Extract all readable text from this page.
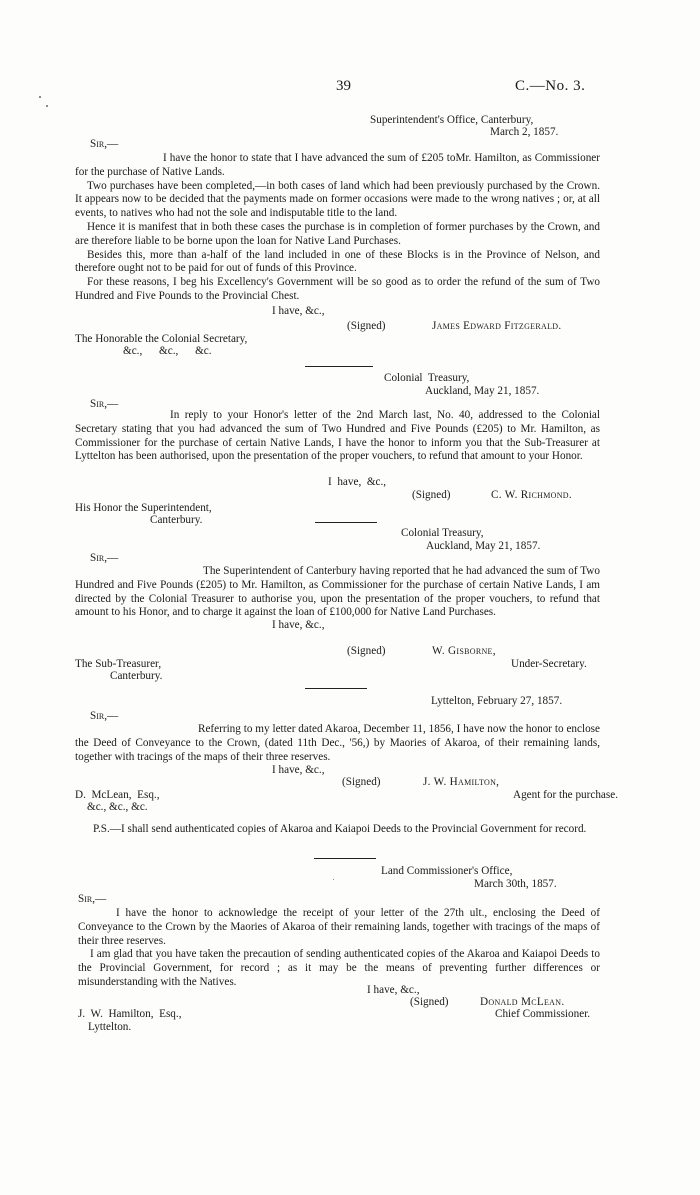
39	C.—No. 3.
Superintendent's Office, Canterbury,
March 2, 1857.
Sir,—

I have the honor to state that I have advanced the sum of £205 toMr. Hamilton, as Commissioner for the purchase of Native Lands.

Two purchases have been completed,—in both cases of land which had been previously purchased by the Crown. It appears now to be decided that the payments made on former occasions were made to the wrong natives ; or, at all events, to natives who had not the sole and indisputable title to the land.

Hence it is manifest that in both these cases the purchase is in completion of former purchases by the Crown, and are therefore liable to be borne upon the loan for Native Land Purchases.

Besides this, more than a-half of the land included in one of these Blocks is in the Province of Nelson, and therefore ought not to be paid for out of funds of this Province.

For these reasons, I beg his Excellency's Government will be so good as to order the refund of the sum of Two Hundred and Five Pounds to the Provincial Chest.

I have, &c.,
(Signed)	James Edward Fitzgerald.
The Honorable the Colonial Secretary,
&c.,      &c.,      &c.
Colonial  Treasury,
Auckland, May 21, 1857.
Sir,—

In reply to your Honor's letter of the 2nd March last, No. 40, addressed to the Colonial Secretary stating that you had advanced the sum of Two Hundred and Five Pounds (£205) to Mr. Hamilton, as Commissioner for the purchase of certain Native Lands, I have the honor to inform you that the Sub-Treasurer at Lyttelton has been authorised, upon the presentation of the proper vouchers, to refund that amount to your Honor.

I  have,  &c.,
(Signed)	C. W. Richmond.
His Honor the Superintendent,
Canterbury.
Colonial Treasury,
Auckland, May 21, 1857.
Sir,—

The Superintendent of Canterbury having reported that he had advanced the sum of Two Hundred and Five Pounds (£205) to Mr. Hamilton, as Commissioner for the purchase of certain Native Lands, I am directed by the Colonial Treasurer to authorise you, upon the presentation of the proper vouchers, to refund that amount to his Honor, and to charge it against the loan of £100,000 for Native Land Purchases.

I have, &c.,
(Signed)	W. Gisborne,
Under-Secretary.
The Sub-Treasurer,
Canterbury.
Lyttelton, February 27, 1857.
Sir,—

Referring to my letter dated Akaroa, December 11, 1856, I have now the honor to enclose the Deed of Conveyance to the Crown, (dated 11th Dec., '56,) by Maories of Akaroa, of their remaining lands, together with tracings of the maps of their three reserves.

I have, &c.,
(Signed)	J. W. Hamilton,
Agent for the purchase.
D.  McLean,  Esq.,
&c., &c., &c.

P.S.—I shall send authenticated copies of Akaroa and Kaiapoi Deeds to the Provincial Government for record.

Land Commissioner's Office,
March 30th, 1857.
Sir,—

I have the honor to acknowledge the receipt of your letter of the 27th ult., enclosing the Deed of Conveyance to the Crown by the Maories of Akaroa of their remaining lands, together with tracings of the maps of their three reserves.

I am glad that you have taken the precaution of sending authenticated copies of the Akaroa and Kaiapoi Deeds to the Provincial Government, for record ; as it may be the means of preventing further differences or misunderstanding with the Natives.

I have, &c.,
(Signed)	Donald McLean.
Chief Commissioner.
J.  W.  Hamilton,  Esq.,
Lyttelton.
